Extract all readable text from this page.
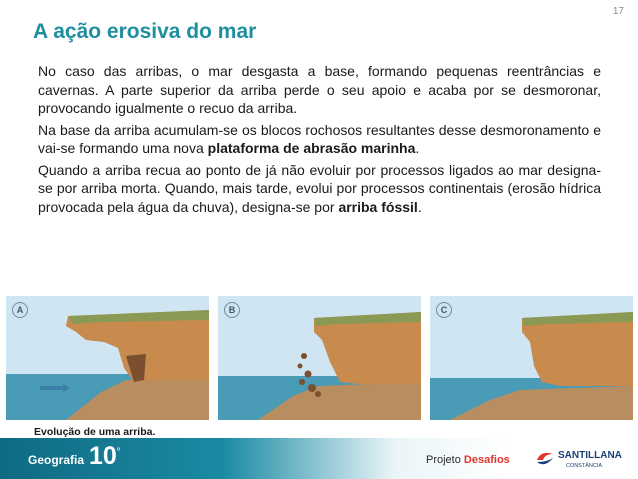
17
A ação erosiva do mar

No caso das arribas, o mar desgasta a base, formando pequenas reentrâncias e cavernas. A parte superior da arriba perde o seu apoio e acaba por se desmoronar, provocando igualmente o recuo da arriba.

Na base da arriba acumulam-se os blocos rochosos resultantes desse desmoronamento e vai-se formando uma nova plataforma de abrasão marinha.

Quando a arriba recua ao ponto de já não evoluir por processos ligados ao mar designa-se por arriba morta. Quando, mais tarde, evolui por processos continentais (erosão hídrica provocada pela água da chuva), designa-se por arriba fóssil.

A	B	C
Evolução de uma arriba.
Geografia 10 º
Projeto Desafios	SANTILLANA
CONSTÂNCIA
